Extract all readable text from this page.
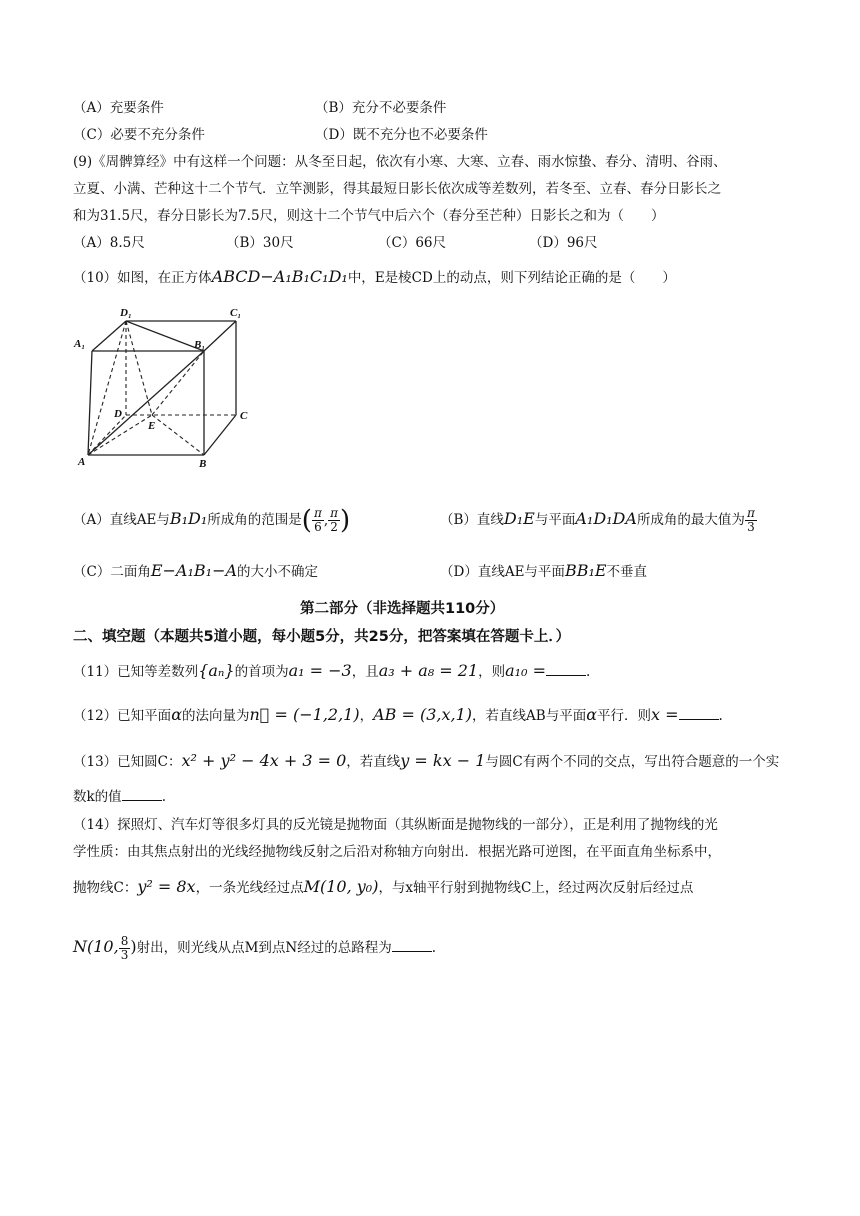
（A）充要条件	（B）充分不必要条件
（C）必要不充分条件	（D）既不充分也不必要条件
(9)《周髀算经》中有这样一个问题：从冬至日起，依次有小寒、大寒、立春、雨水惊蛰、春分、清明、谷雨、
立夏、小满、芒种这十二个节气．立竿测影，得其最短日影长依次成等差数列，若冬至、立春、春分日影长之
和为31.5尺，春分日影长为7.5尺，则这十二个节气中后六个（春分至芒种）日影长之和为（　　）
（A）8.5尺	（B）30尺	（C）66尺	（D）96尺
（10）如图，在正方体ABCD−A₁B₁C₁D₁中，E是棱CD上的动点，则下列结论正确的是（　　）
D₁	C₁
A₁	B₁
D	C
E
A	B
（A）直线AE与B₁D₁所成角的范围是( $\frac{\pi}{6}$ , $\frac{\pi}{2}$ )	（B）直线D₁E与平面A₁D₁DA所成角的最大值为 $\frac{\pi}{3}$
（C）二面角E−A₁B₁−A的大小不确定	（D）直线AE与平面BB₁E不垂直
第二部分（非选择题共110分）
二、填空题（本题共5道小题，每小题5分，共25分，把答案填在答题卡上．）
（11）已知等差数列{aₙ}的首项为a₁ = −3，且a₃ + a₈ = 21，则a₁₀ =	.
（12）已知平面α的法向量为n⃗ = (−1,2,1)，AB = (3,x,1)，若直线AB与平面α平行．则x =	.
（13）已知圆C：x² + y² − 4x + 3 = 0，若直线y = kx − 1与圆C有两个不同的交点，写出符合题意的一个实
数k的值	.
（14）探照灯、汽车灯等很多灯具的反光镜是抛物面（其纵断面是抛物线的一部分），正是利用了抛物线的光
学性质：由其焦点射出的光线经抛物线反射之后沿对称轴方向射出．根据光路可逆图，在平面直角坐标系中，
抛物线C：y² = 8x，一条光线经过点M(10, y₀)，与x轴平行射到抛物线C上，经过两次反射后经过点
N(10, $\frac{8}{3}$ )射出，则光线从点M到点N经过的总路程为	.
